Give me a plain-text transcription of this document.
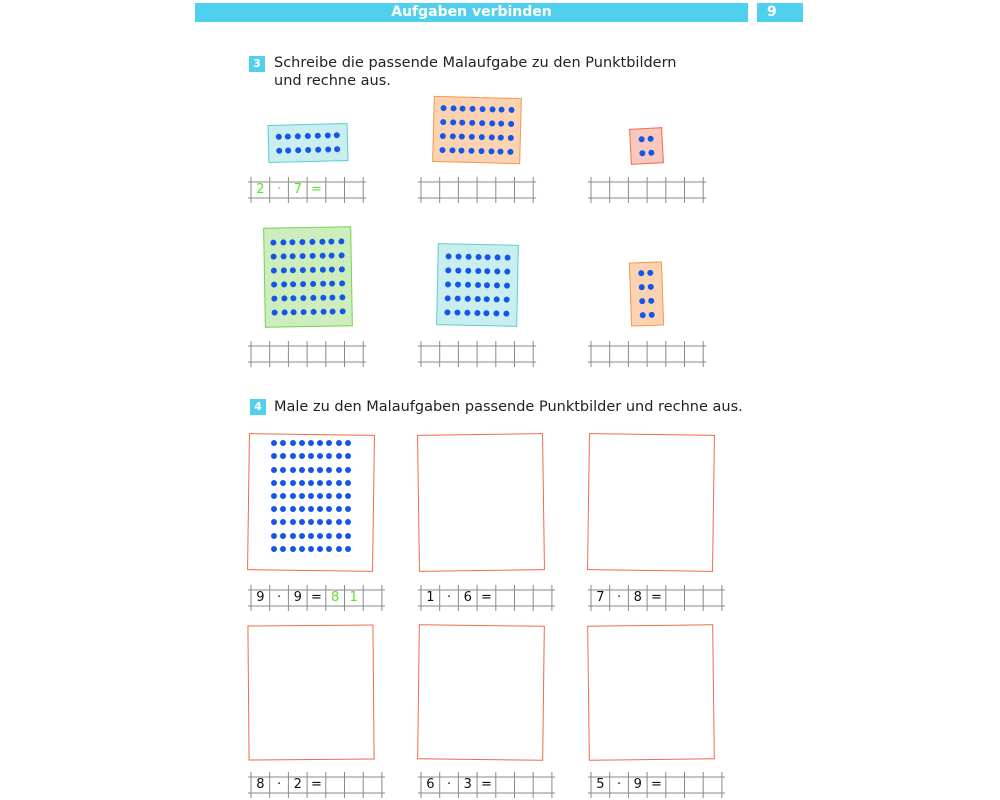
Aufgaben verbinden	9
3 Schreibe die passende Malaufgabe zu den Punktbildern
und rechne aus.
2 · 7 =
4 Male zu den Malaufgaben passende Punktbilder und rechne aus.
9 · 9 = 8 1	1 · 6 =	7 · 8 =
8 · 2 =	6 · 3 =	5 · 9 =
